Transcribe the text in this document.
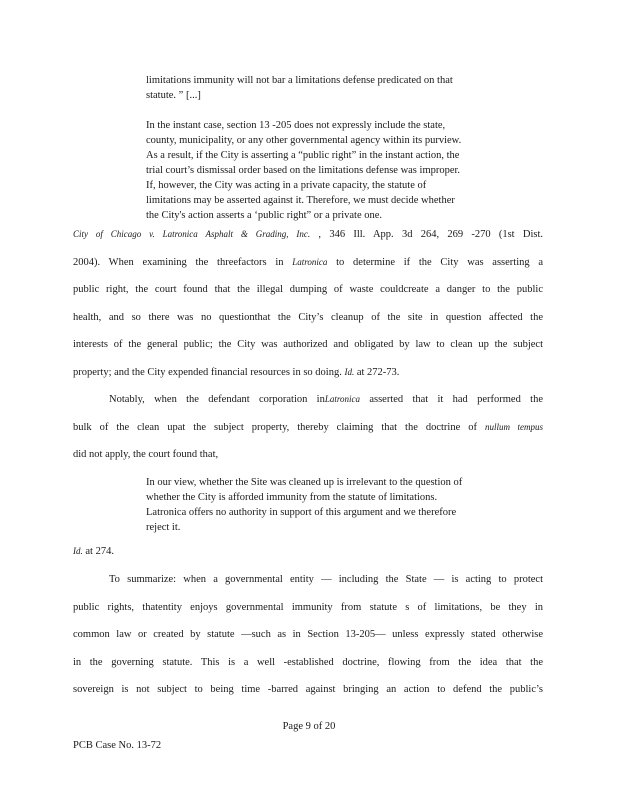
limitations immunity will not bar a limitations defense predicated on that

statute. ” [...]

In the instant case, section 13 -205 does not expressly include the state,

county, municipality, or any other governmental agency within its purview.

As a result, if the City is asserting a “public right” in the instant action, the

trial court’s dismissal order based on the limitations defense was improper.

If, however, the City was acting in a private capacity, the statute of

limitations may be asserted against it. Therefore, we must decide whether

the City's action asserts a ‘public right” or a private one.

City of Chicago v. Latronica Asphalt & Grading, Inc. , 346 Ill. App. 3d 264, 269 -270 (1st Dist.

2004). When examining the threefactors in Latronica to determine if the City was asserting a

public right, the court found that the illegal dumping of waste couldcreate a danger to the public

health, and so there was no questionthat the City’s cleanup of the site in question affected the

interests of the general public; the City was authorized and obligated by law to clean up the subject

property; and the City expended financial resources in so doing. Id. at 272-73.

Notably, when the defendant corporation inLatronica asserted that it had performed the

bulk of the clean upat the subject property, thereby claiming that the doctrine of nullum tempus

did not apply, the court found that,

In our view, whether the Site was cleaned up is irrelevant to the question of

whether the City is afforded immunity from the statute of limitations.

Latronica offers no authority in support of this argument and we therefore

reject it.

Id. at 274.

To summarize: when a governmental entity — including the State — is acting to protect

public rights, thatentity enjoys governmental immunity from statute s of limitations, be they in

common law or created by statute —such as in Section 13-205— unless expressly stated otherwise

in the governing statute. This is a well -established doctrine, flowing from the idea that the

sovereign is not subject to being time -barred against bringing an action to defend the public’s

Page 9 of 20
PCB Case No. 13-72
